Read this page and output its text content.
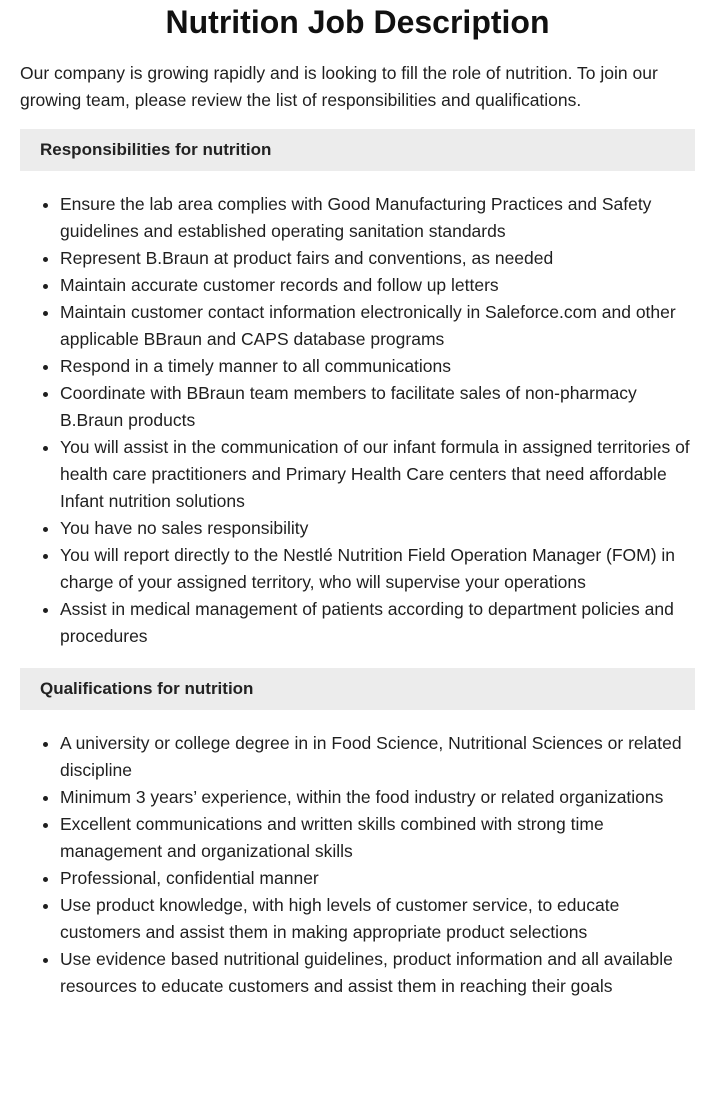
Nutrition Job Description

Our company is growing rapidly and is looking to fill the role of nutrition. To join our growing team, please review the list of responsibilities and qualifications.

Responsibilities for nutrition
Ensure the lab area complies with Good Manufacturing Practices and Safety guidelines and established operating sanitation standards
Represent B.Braun at product fairs and conventions, as needed
Maintain accurate customer records and follow up letters
Maintain customer contact information electronically in Saleforce.com and other applicable BBraun and CAPS database programs
Respond in a timely manner to all communications
Coordinate with BBraun team members to facilitate sales of non-pharmacy B.Braun products
You will assist in the communication of our infant formula in assigned territories of health care practitioners and Primary Health Care centers that need affordable Infant nutrition solutions
You have no sales responsibility
You will report directly to the Nestlé Nutrition Field Operation Manager (FOM) in charge of your assigned territory, who will supervise your operations
Assist in medical management of patients according to department policies and procedures
Qualifications for nutrition
A university or college degree in in Food Science, Nutritional Sciences or related discipline
Minimum 3 years’ experience, within the food industry or related organizations
Excellent communications and written skills combined with strong time management and organizational skills
Professional, confidential manner
Use product knowledge, with high levels of customer service, to educate customers and assist them in making appropriate product selections
Use evidence based nutritional guidelines, product information and all available resources to educate customers and assist them in reaching their goals
